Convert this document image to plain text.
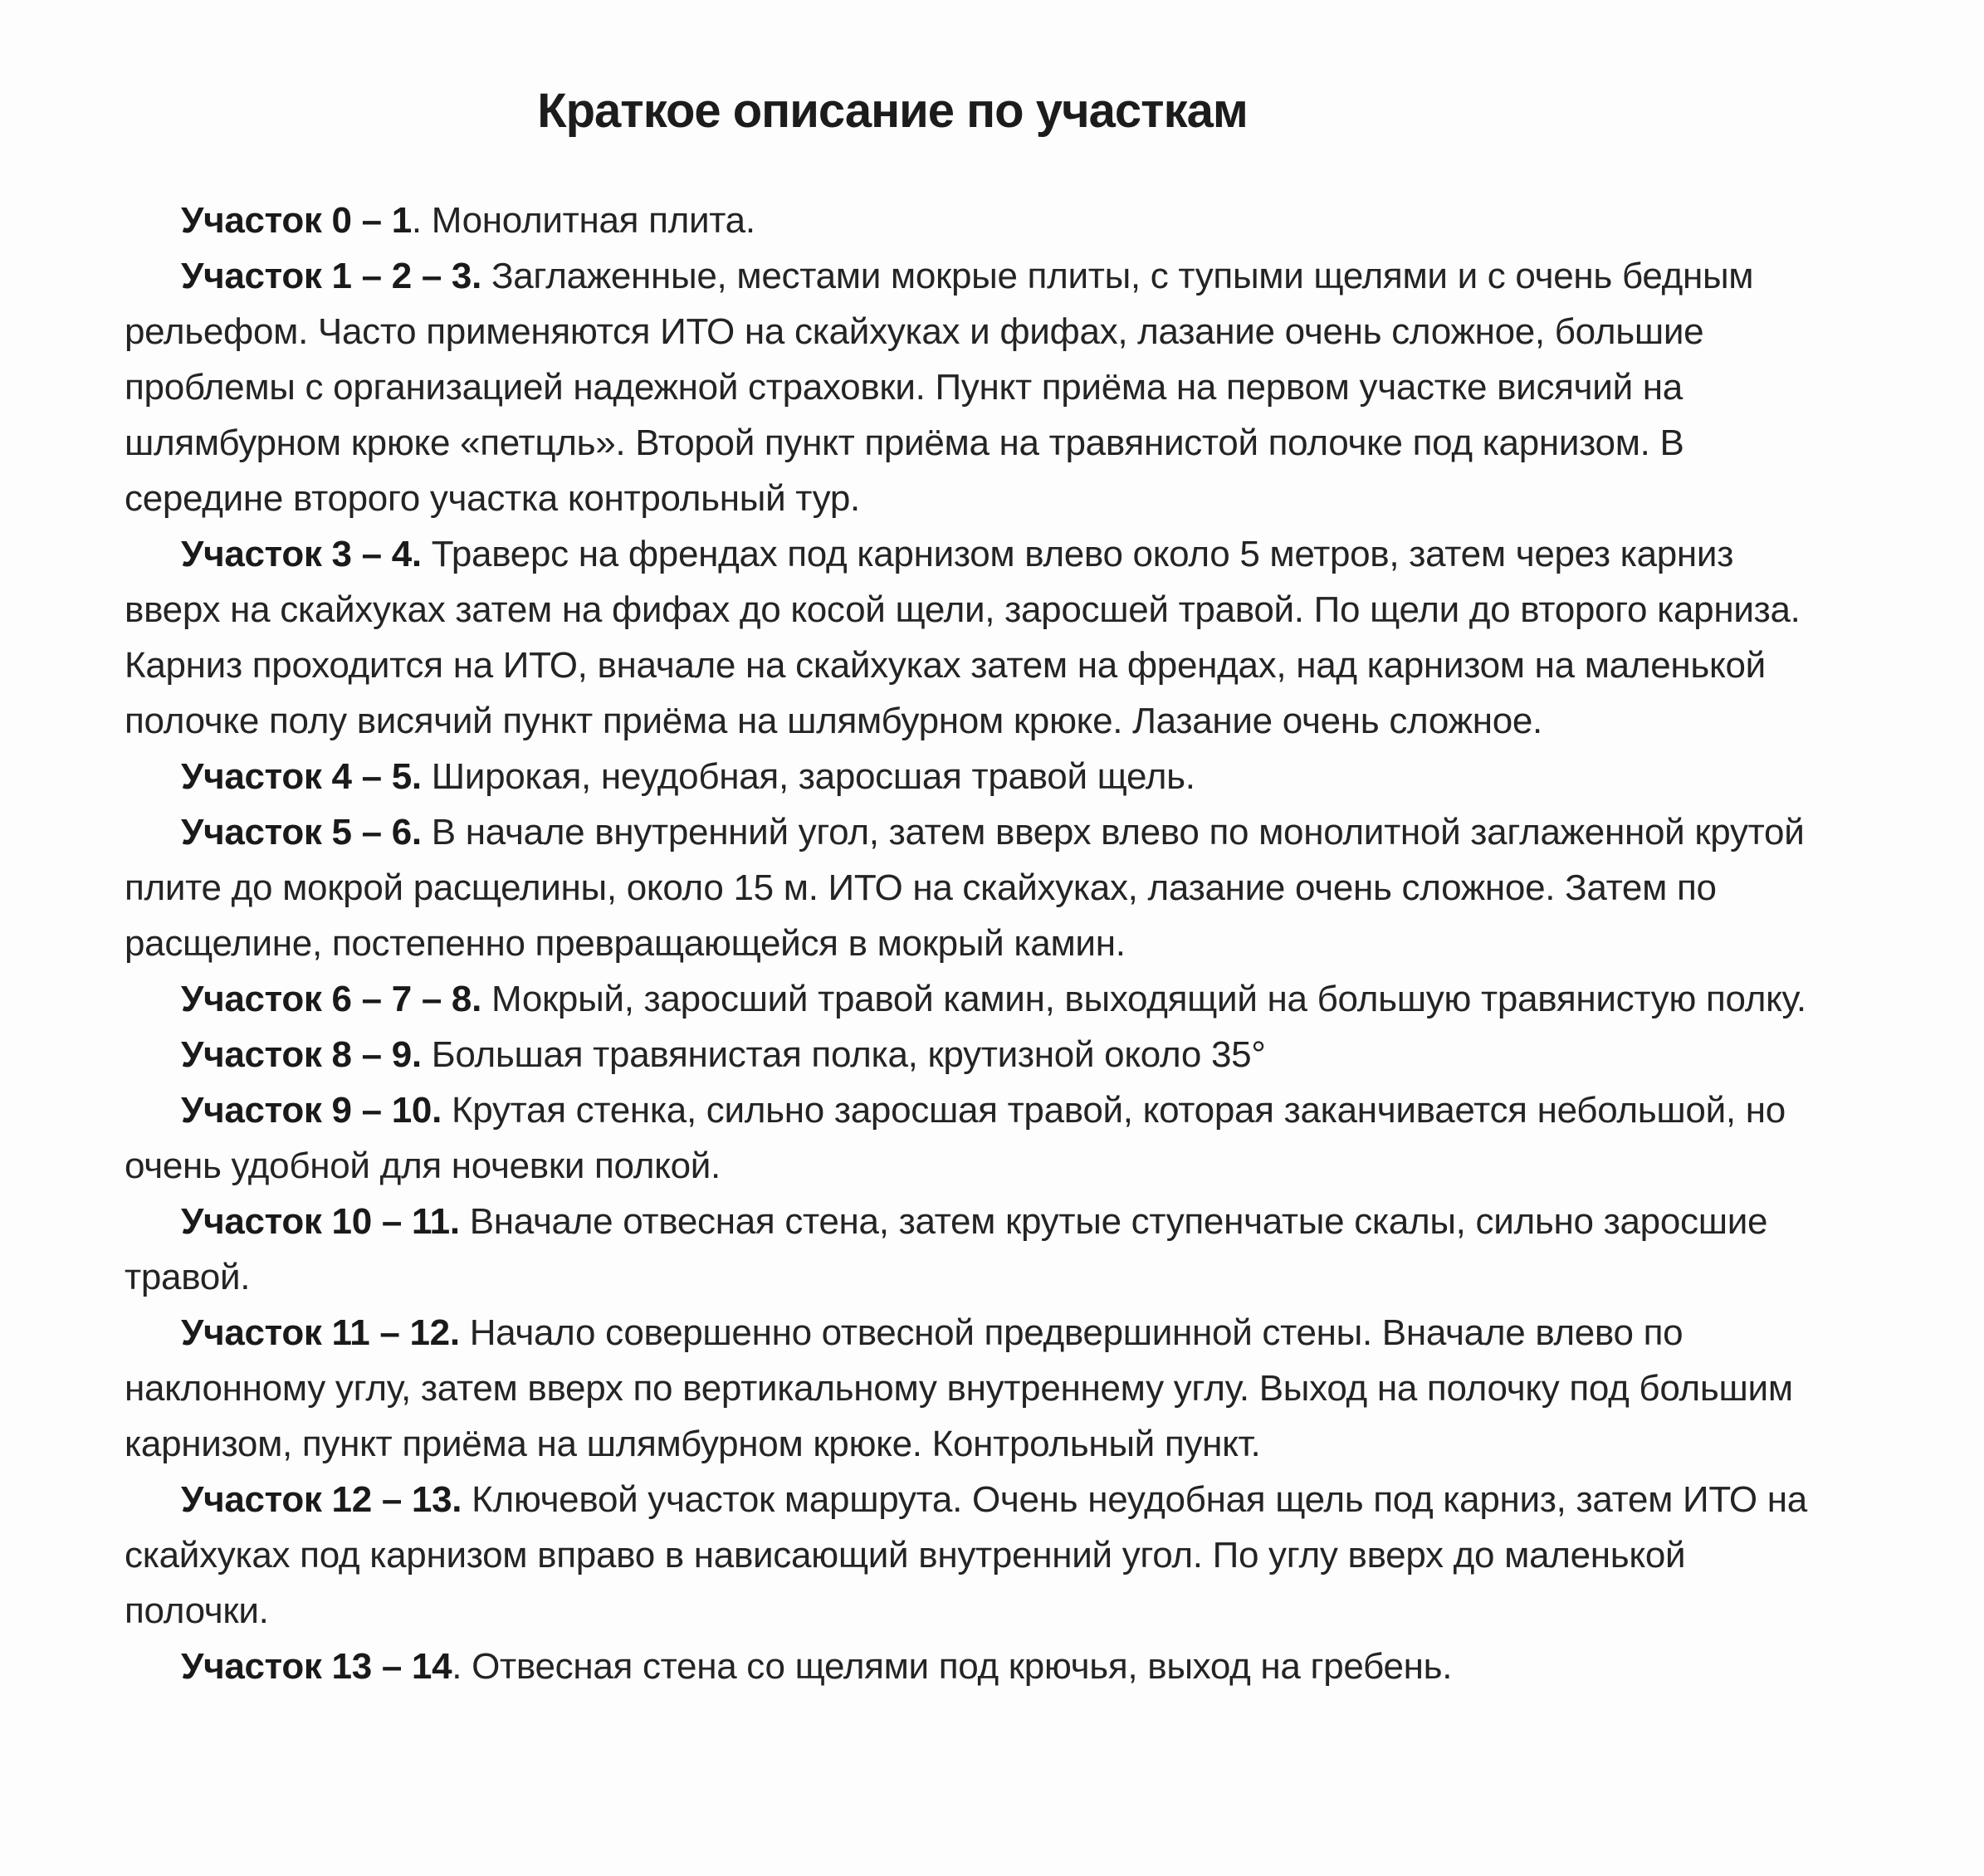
Краткое описание по участкам

Участок 0 – 1. Монолитная плита.

Участок 1 – 2 – 3. Заглаженные, местами мокрые плиты, с тупыми щелями и с очень бедным рельефом. Часто применяются ИТО на скайхуках и фифах, лазание очень сложное, большие проблемы с организацией надежной страховки. Пункт приёма на первом участке висячий на шлямбурном крюке «петцль». Второй пункт приёма на травянистой полочке под карнизом. В середине второго участка контрольный тур.

Участок 3 – 4. Траверс на френдах под карнизом влево около 5 метров, затем через карниз вверх на скайхуках затем на фифах до косой щели, заросшей травой. По щели до второго карниза. Карниз проходится на ИТО, вначале на скайхуках затем на френдах, над карнизом на маленькой полочке полу висячий пункт приёма на шлямбурном крюке. Лазание очень сложное.

Участок 4 – 5. Широкая, неудобная, заросшая травой щель.

Участок 5 – 6. В начале внутренний угол, затем вверх влево по монолитной заглаженной крутой плите до мокрой расщелины, около 15 м. ИТО на скайхуках, лазание очень сложное. Затем по расщелине, постепенно превращающейся в мокрый камин.

Участок 6 – 7 – 8. Мокрый, заросший травой камин, выходящий на большую травянистую полку.

Участок 8 – 9. Большая травянистая полка, крутизной около 35°

Участок 9 – 10. Крутая стенка, сильно заросшая травой, которая заканчивается небольшой, но очень удобной для ночевки полкой.

Участок 10 – 11. Вначале отвесная стена, затем крутые ступенчатые скалы, сильно заросшие травой.

Участок 11 – 12. Начало совершенно отвесной предвершинной стены. Вначале влево по наклонному углу, затем вверх по вертикальному внутреннему углу. Выход на полочку под большим карнизом, пункт приёма на шлямбурном крюке. Контрольный пункт.

Участок 12 – 13. Ключевой участок маршрута. Очень неудобная щель под карниз, затем ИТО на скайхуках под карнизом вправо в нависающий внутренний угол. По углу вверх до маленькой полочки.

Участок 13 – 14. Отвесная стена со щелями под крючья, выход на гребень.
